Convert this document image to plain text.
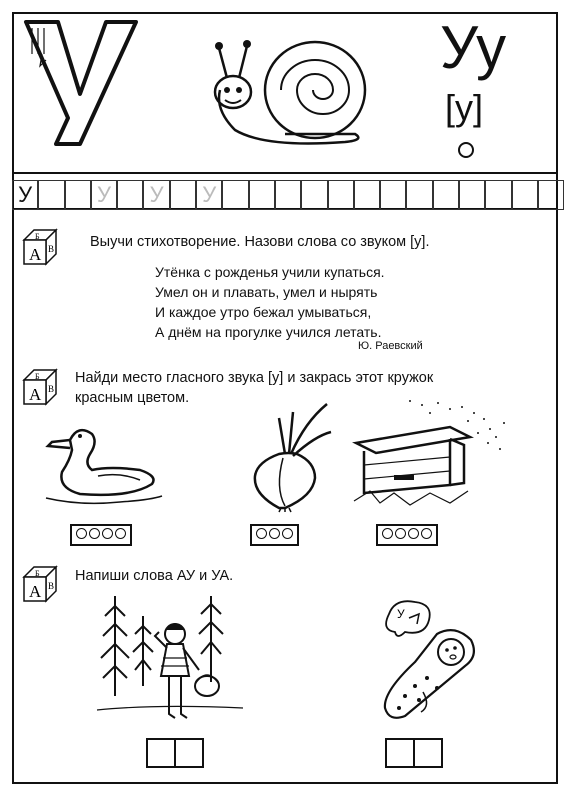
Уу
[у]
У	У У У
А
Б
В Выучи стихотворение. Назови слова со звуком [у].
Утёнка с рожденья учили купаться.
Умел он и плавать, умел и нырять
И каждое утро бежал умываться,
А днём на прогулке учился летать.
Ю. Раевский
А
Б
В
Найди место гласного звука [у] и закрась этот кружок
красным цветом.
А
Б
В
Напиши слова АУ и УА.
У
